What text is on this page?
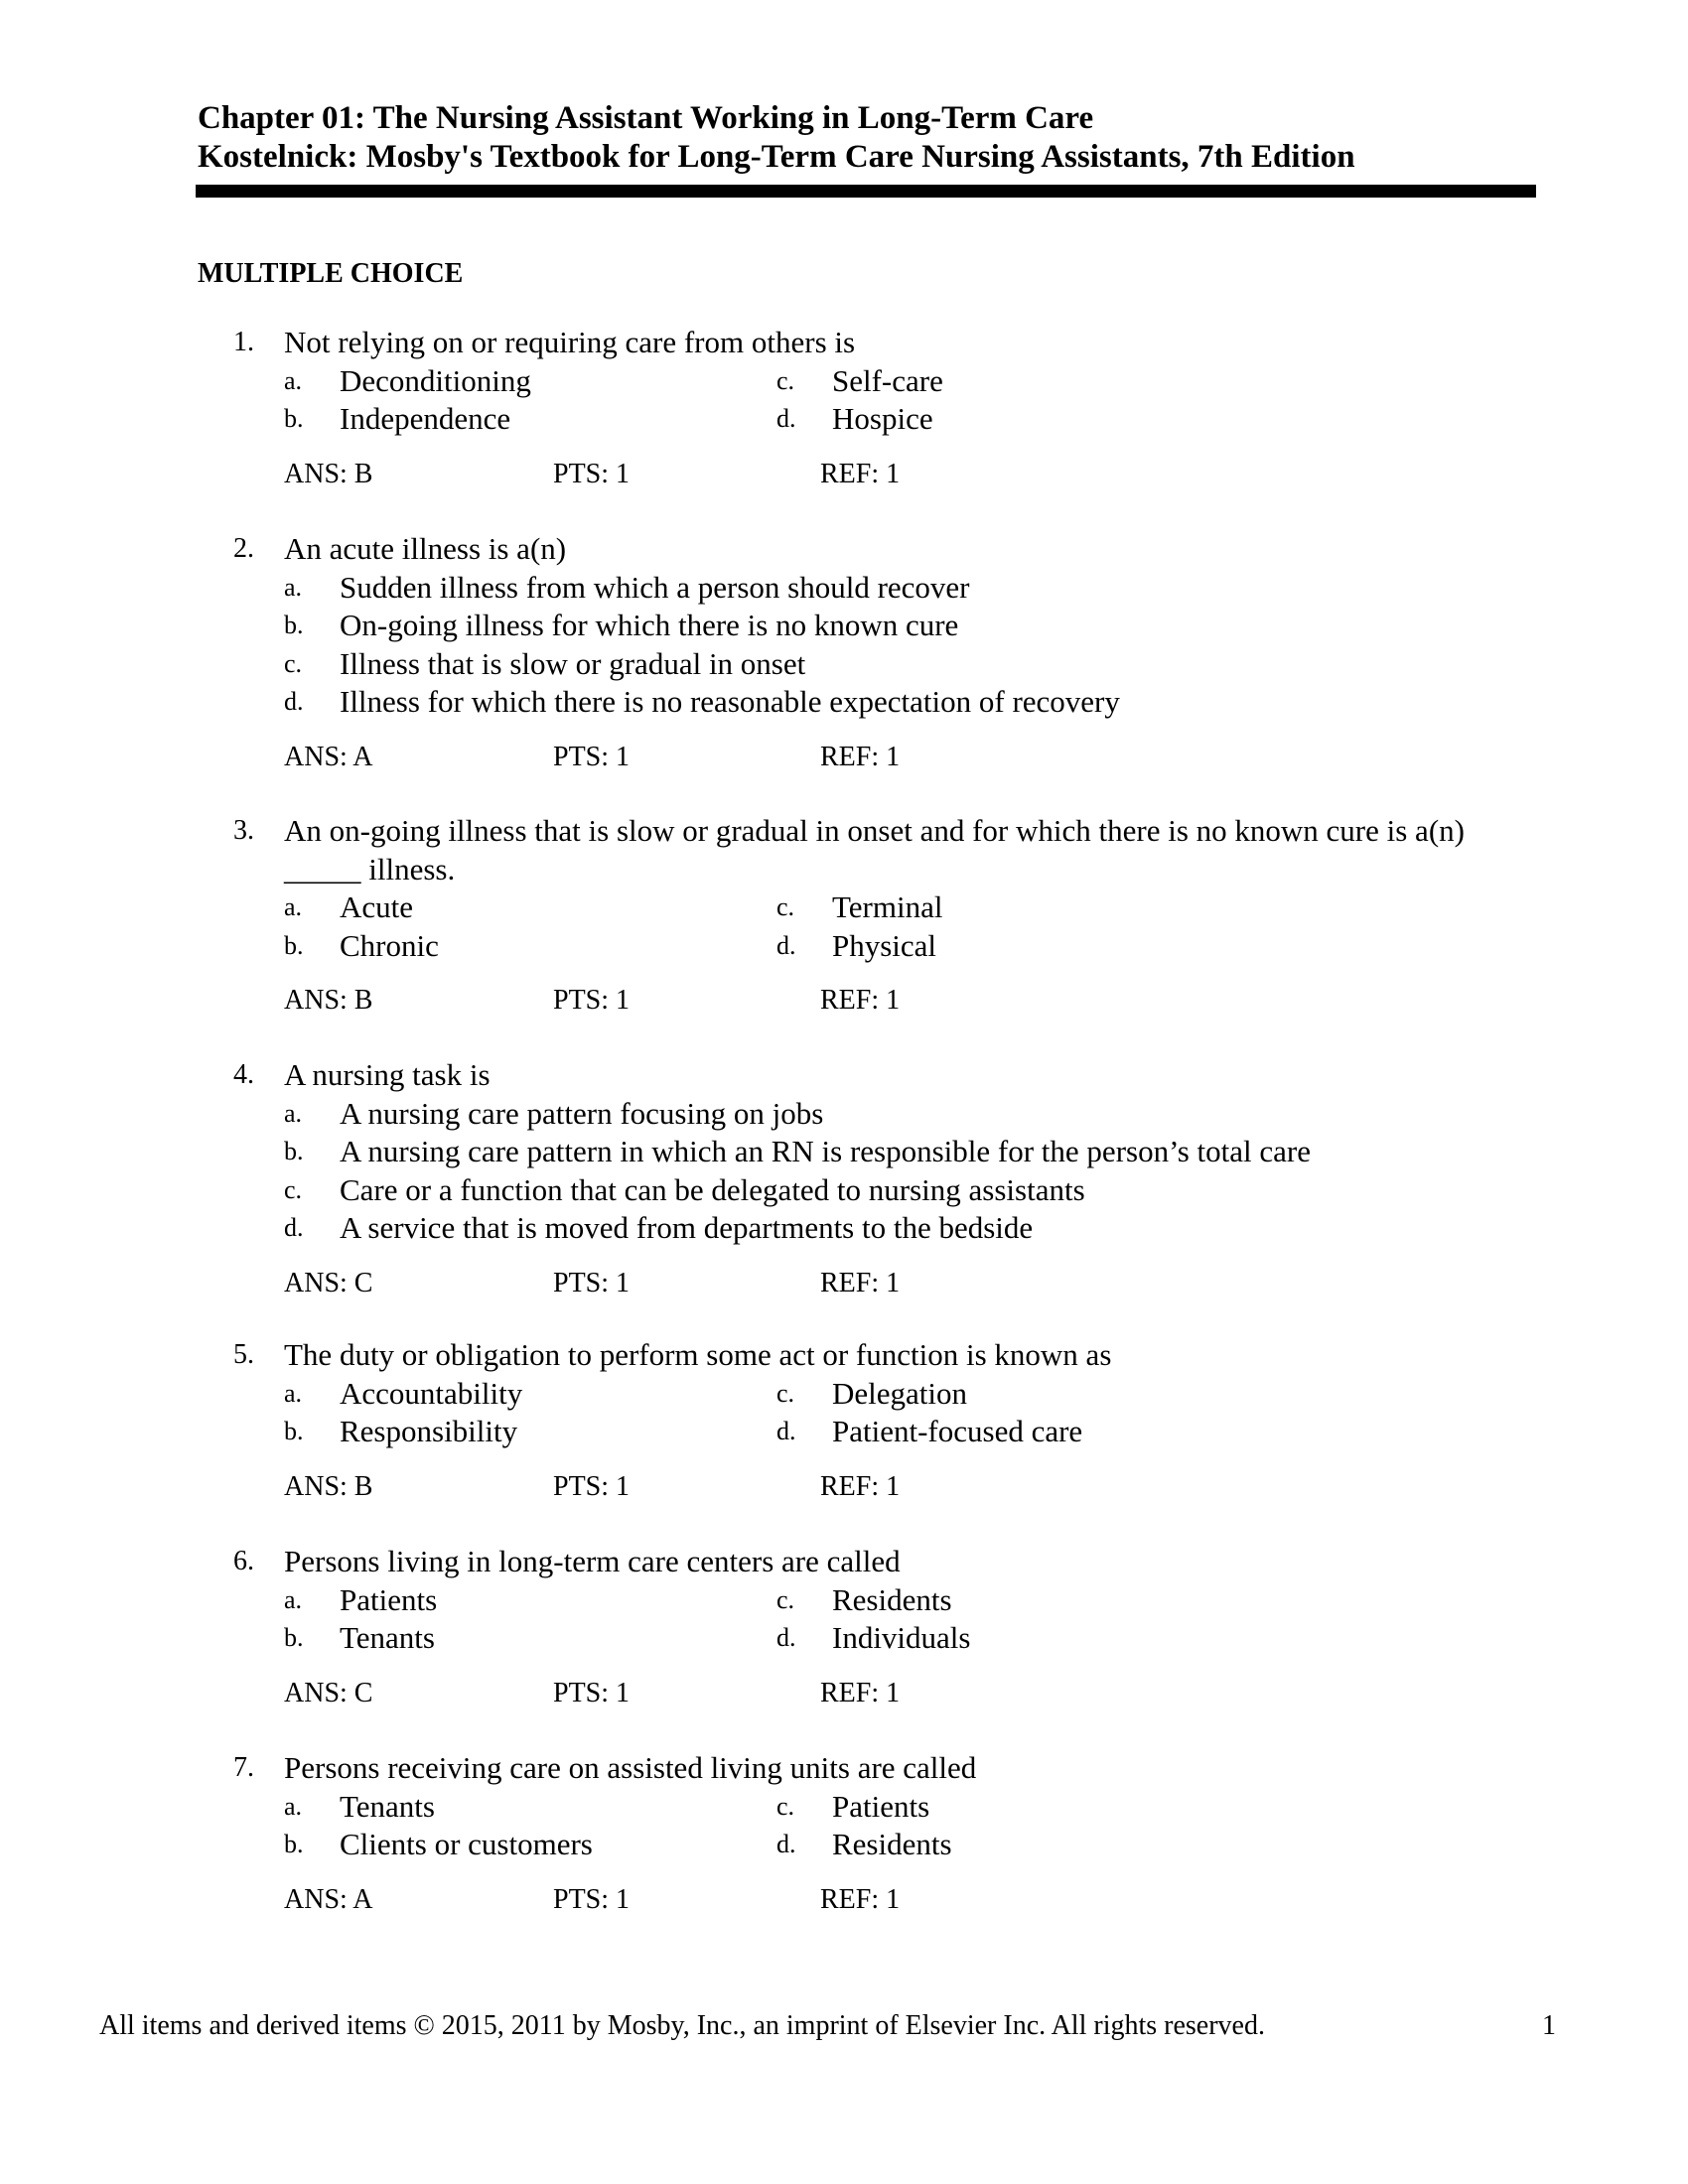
Chapter 01: The Nursing Assistant Working in Long-Term Care
Kostelnick: Mosby's Textbook for Long-Term Care Nursing Assistants, 7th Edition
MULTIPLE CHOICE
1. Not relying on or requiring care from others is
a. Deconditioning	c. Self-care
b. Independence	d. Hospice
ANS: B	PTS: 1	REF: 1
2. An acute illness is a(n)
a. Sudden illness from which a person should recover
b. On-going illness for which there is no known cure
c. Illness that is slow or gradual in onset
d. Illness for which there is no reasonable expectation of recovery
ANS: A	PTS: 1	REF: 1
3. An on-going illness that is slow or gradual in onset and for which there is no known cure is a(n) _____ illness.
a. Acute	c. Terminal
b. Chronic	d. Physical
ANS: B	PTS: 1	REF: 1
4. A nursing task is
a. A nursing care pattern focusing on jobs
b. A nursing care pattern in which an RN is responsible for the person’s total care
c. Care or a function that can be delegated to nursing assistants
d. A service that is moved from departments to the bedside
ANS: C	PTS: 1	REF: 1
5. The duty or obligation to perform some act or function is known as
a. Accountability	c. Delegation
b. Responsibility	d. Patient-focused care
ANS: B	PTS: 1	REF: 1
6. Persons living in long-term care centers are called
a. Patients	c. Residents
b. Tenants	d. Individuals
ANS: C	PTS: 1	REF: 1
7. Persons receiving care on assisted living units are called
a. Tenants	c. Patients
b. Clients or customers	d. Residents
ANS: A	PTS: 1	REF: 1
All items and derived items © 2015, 2011 by Mosby, Inc., an imprint of Elsevier Inc. All rights reserved.	1
